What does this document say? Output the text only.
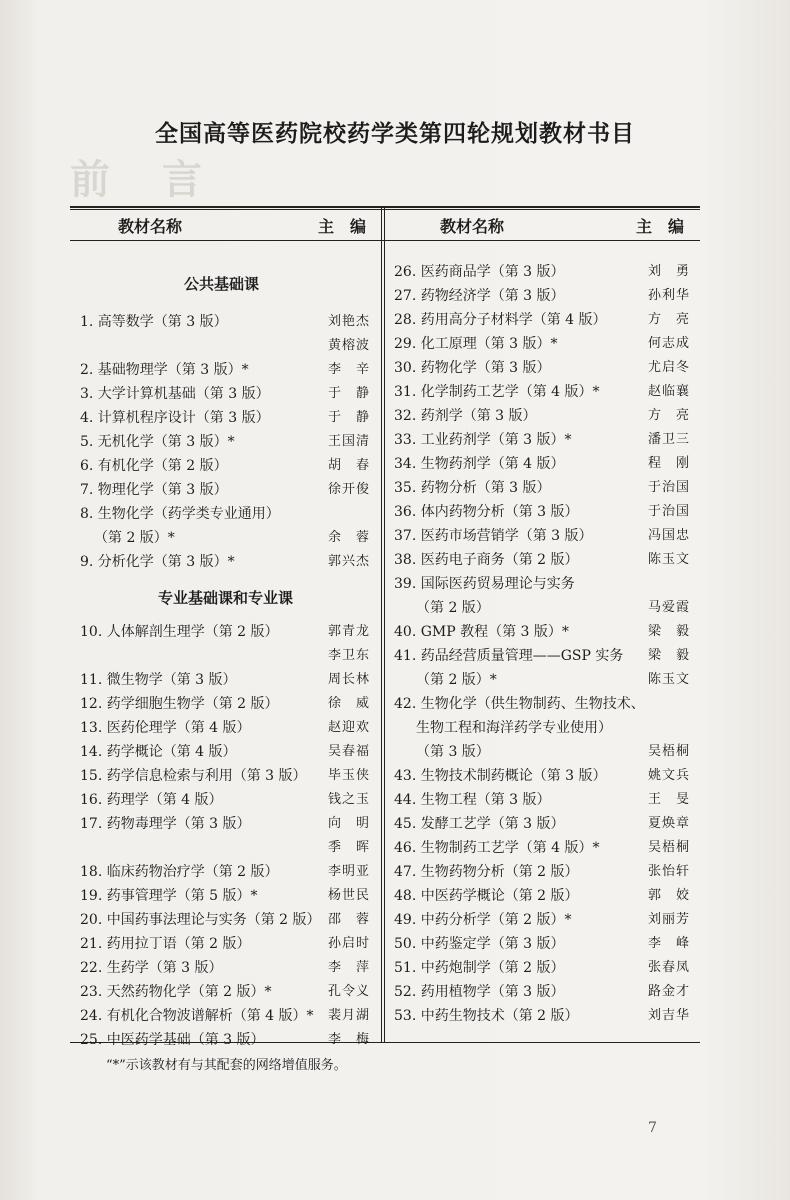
前　言
全国高等医药院校药学类第四轮规划教材书目
教材名称	主　编	教材名称	主　编
公共基础课
专业基础课和专业课
1. 高等数学（第 3 版）	刘艳杰
黄榕波
2. 基础物理学（第 3 版）*	李　辛
3. 大学计算机基础（第 3 版）	于　静
4. 计算机程序设计（第 3 版）	于　静
5. 无机化学（第 3 版）*	王国清
6. 有机化学（第 2 版）	胡　春
7. 物理化学（第 3 版）	徐开俊
8. 生物化学（药学类专业通用）
（第 2 版）*	余　蓉
9. 分析化学（第 3 版）*	郭兴杰
10. 人体解剖生理学（第 2 版）	郭青龙
李卫东
11. 微生物学（第 3 版）	周长林
12. 药学细胞生物学（第 2 版）	徐　威
13. 医药伦理学（第 4 版）	赵迎欢
14. 药学概论（第 4 版）	吴春福
15. 药学信息检索与利用（第 3 版） 毕玉侠
16. 药理学（第 4 版）	钱之玉
17. 药物毒理学（第 3 版）	向　明
季　晖
18. 临床药物治疗学（第 2 版）	李明亚
19. 药事管理学（第 5 版）*	杨世民
20. 中国药事法理论与实务（第 2 版） 邵　蓉
21. 药用拉丁语（第 2 版）	孙启时
22. 生药学（第 3 版）	李　萍
23. 天然药物化学（第 2 版）*	孔令义
24. 有机化合物波谱解析（第 4 版）* 裴月湖
25. 中医药学基础（第 3 版）	李　梅
26. 医药商品学（第 3 版）	刘　勇
27. 药物经济学（第 3 版）	孙利华
28. 药用高分子材料学（第 4 版）	方　亮
29. 化工原理（第 3 版）*	何志成
30. 药物化学（第 3 版）	尤启冬
31. 化学制药工艺学（第 4 版）*	赵临襄
32. 药剂学（第 3 版）	方　亮
33. 工业药剂学（第 3 版）*	潘卫三
34. 生物药剂学（第 4 版）	程　刚
35. 药物分析（第 3 版）	于治国
36. 体内药物分析（第 3 版）	于治国
37. 医药市场营销学（第 3 版）	冯国忠
38. 医药电子商务（第 2 版）	陈玉文
39. 国际医药贸易理论与实务
（第 2 版）	马爱霞
40. GMP 教程（第 3 版）*	梁　毅
41. 药品经营质量管理——GSP 实务 梁　毅
（第 2 版）*	陈玉文
42. 生物化学（供生物制药、生物技术、
生物工程和海洋药学专业使用）
（第 3 版）	吴梧桐
43. 生物技术制药概论（第 3 版）	姚文兵
44. 生物工程（第 3 版）	王　旻
45. 发酵工艺学（第 3 版）	夏焕章
46. 生物制药工艺学（第 4 版）*	吴梧桐
47. 生物药物分析（第 2 版）	张怡轩
48. 中医药学概论（第 2 版）	郭　姣
49. 中药分析学（第 2 版）*	刘丽芳
50. 中药鉴定学（第 3 版）	李　峰
51. 中药炮制学（第 2 版）	张春凤
52. 药用植物学（第 3 版）	路金才
53. 中药生物技术（第 2 版）	刘吉华
“*”示该教材有与其配套的网络增值服务。
7
